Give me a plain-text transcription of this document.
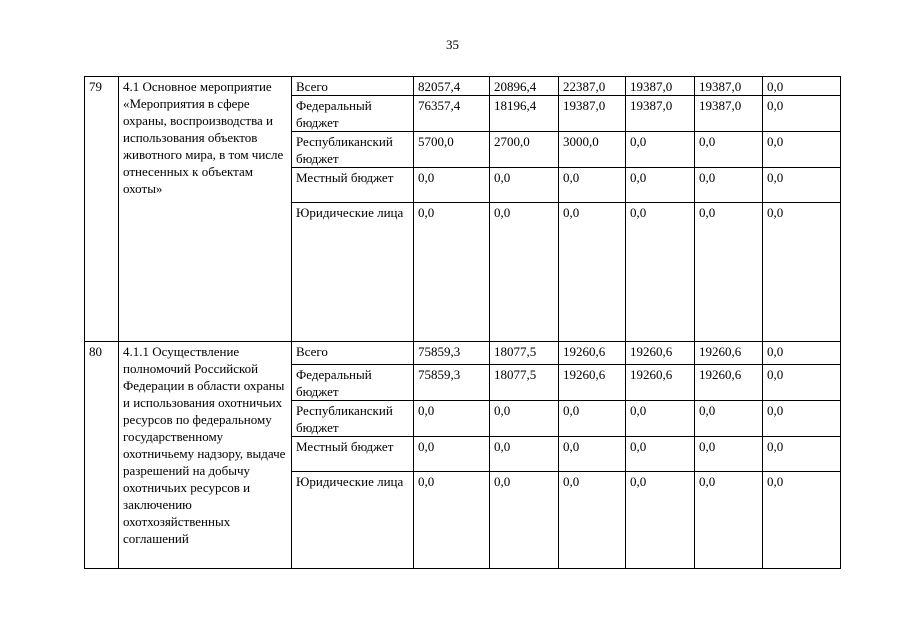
35
79	4.1 Основное мероприятие «Мероприятия в сфере охраны, воспроизводства и использования объектов животного мира, в том числе отнесенных к объектам охоты»	Всего	82057,4	20896,4	22387,0	19387,0	19387,0	0,0
		Федеральный бюджет	76357,4	18196,4	19387,0	19387,0	19387,0	0,0
		Республиканский бюджет	5700,0	2700,0	3000,0	0,0	0,0	0,0
		Местный бюджет	0,0	0,0	0,0	0,0	0,0	0,0
		Юридические лица	0,0	0,0	0,0	0,0	0,0	0,0
80	4.1.1 Осуществление полномочий Российской Федерации в области охраны и использования охотничьих ресурсов по федеральному государственному охотничьему надзору, выдаче разрешений на добычу охотничьих ресурсов и заключению охотхозяйственных соглашений	Всего	75859,3	18077,5	19260,6	19260,6	19260,6	0,0
		Федеральный бюджет	75859,3	18077,5	19260,6	19260,6	19260,6	0,0
		Республиканский бюджет	0,0	0,0	0,0	0,0	0,0	0,0
		Местный бюджет	0,0	0,0	0,0	0,0	0,0	0,0
		Юридические лица	0,0	0,0	0,0	0,0	0,0	0,0
